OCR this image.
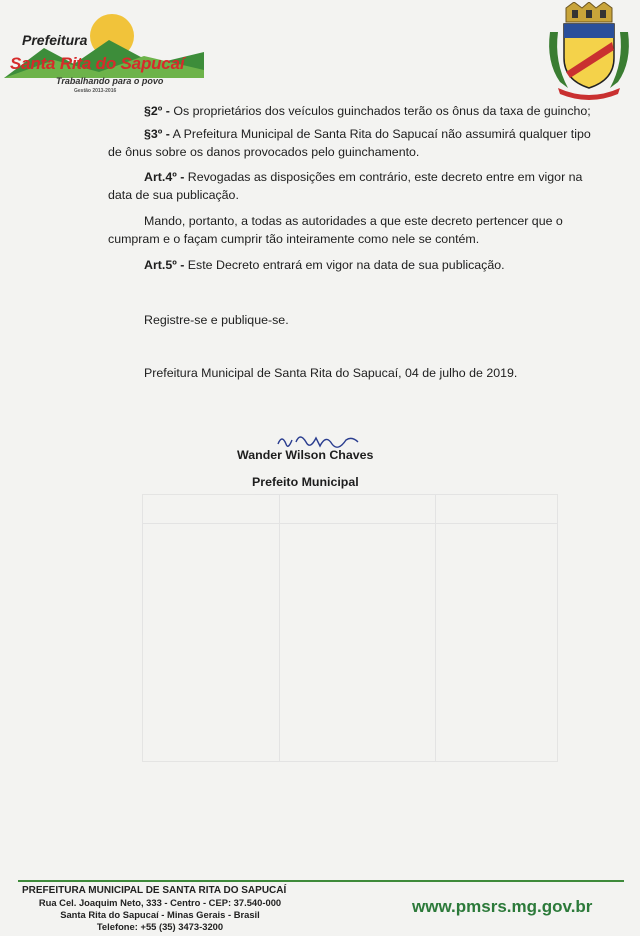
Prefeitura
Santa Rita do Sapucaí
Trabalhando para o povo
Gestão 2013-2016

§2º - Os proprietários dos veículos guinchados terão os ônus da taxa de guincho;

§3º - A Prefeitura Municipal de Santa Rita do Sapucaí não assumirá qualquer tipo de ônus sobre os danos provocados pelo guinchamento.

Art.4º - Revogadas as disposições em contrário, este decreto entre em vigor na data de sua publicação.

Mando, portanto, a todas as autoridades a que este decreto pertencer que o cumpram e o façam cumprir tão inteiramente como nele se contém.

Art.5º - Este Decreto entrará em vigor na data de sua publicação.

Registre-se e publique-se.

Prefeitura Municipal de Santa Rita do Sapucaí, 04 de julho de 2019.

Wander Wilson Chaves
Prefeito Municipal
PREFEITURA MUNICIPAL DE SANTA RITA DO SAPUCAÍ
Rua Cel. Joaquim Neto, 333 - Centro - CEP: 37.540-000
Santa Rita do Sapucaí - Minas Gerais - Brasil
Telefone: +55 (35) 3473-3200
www.pmsrs.mg.gov.br
